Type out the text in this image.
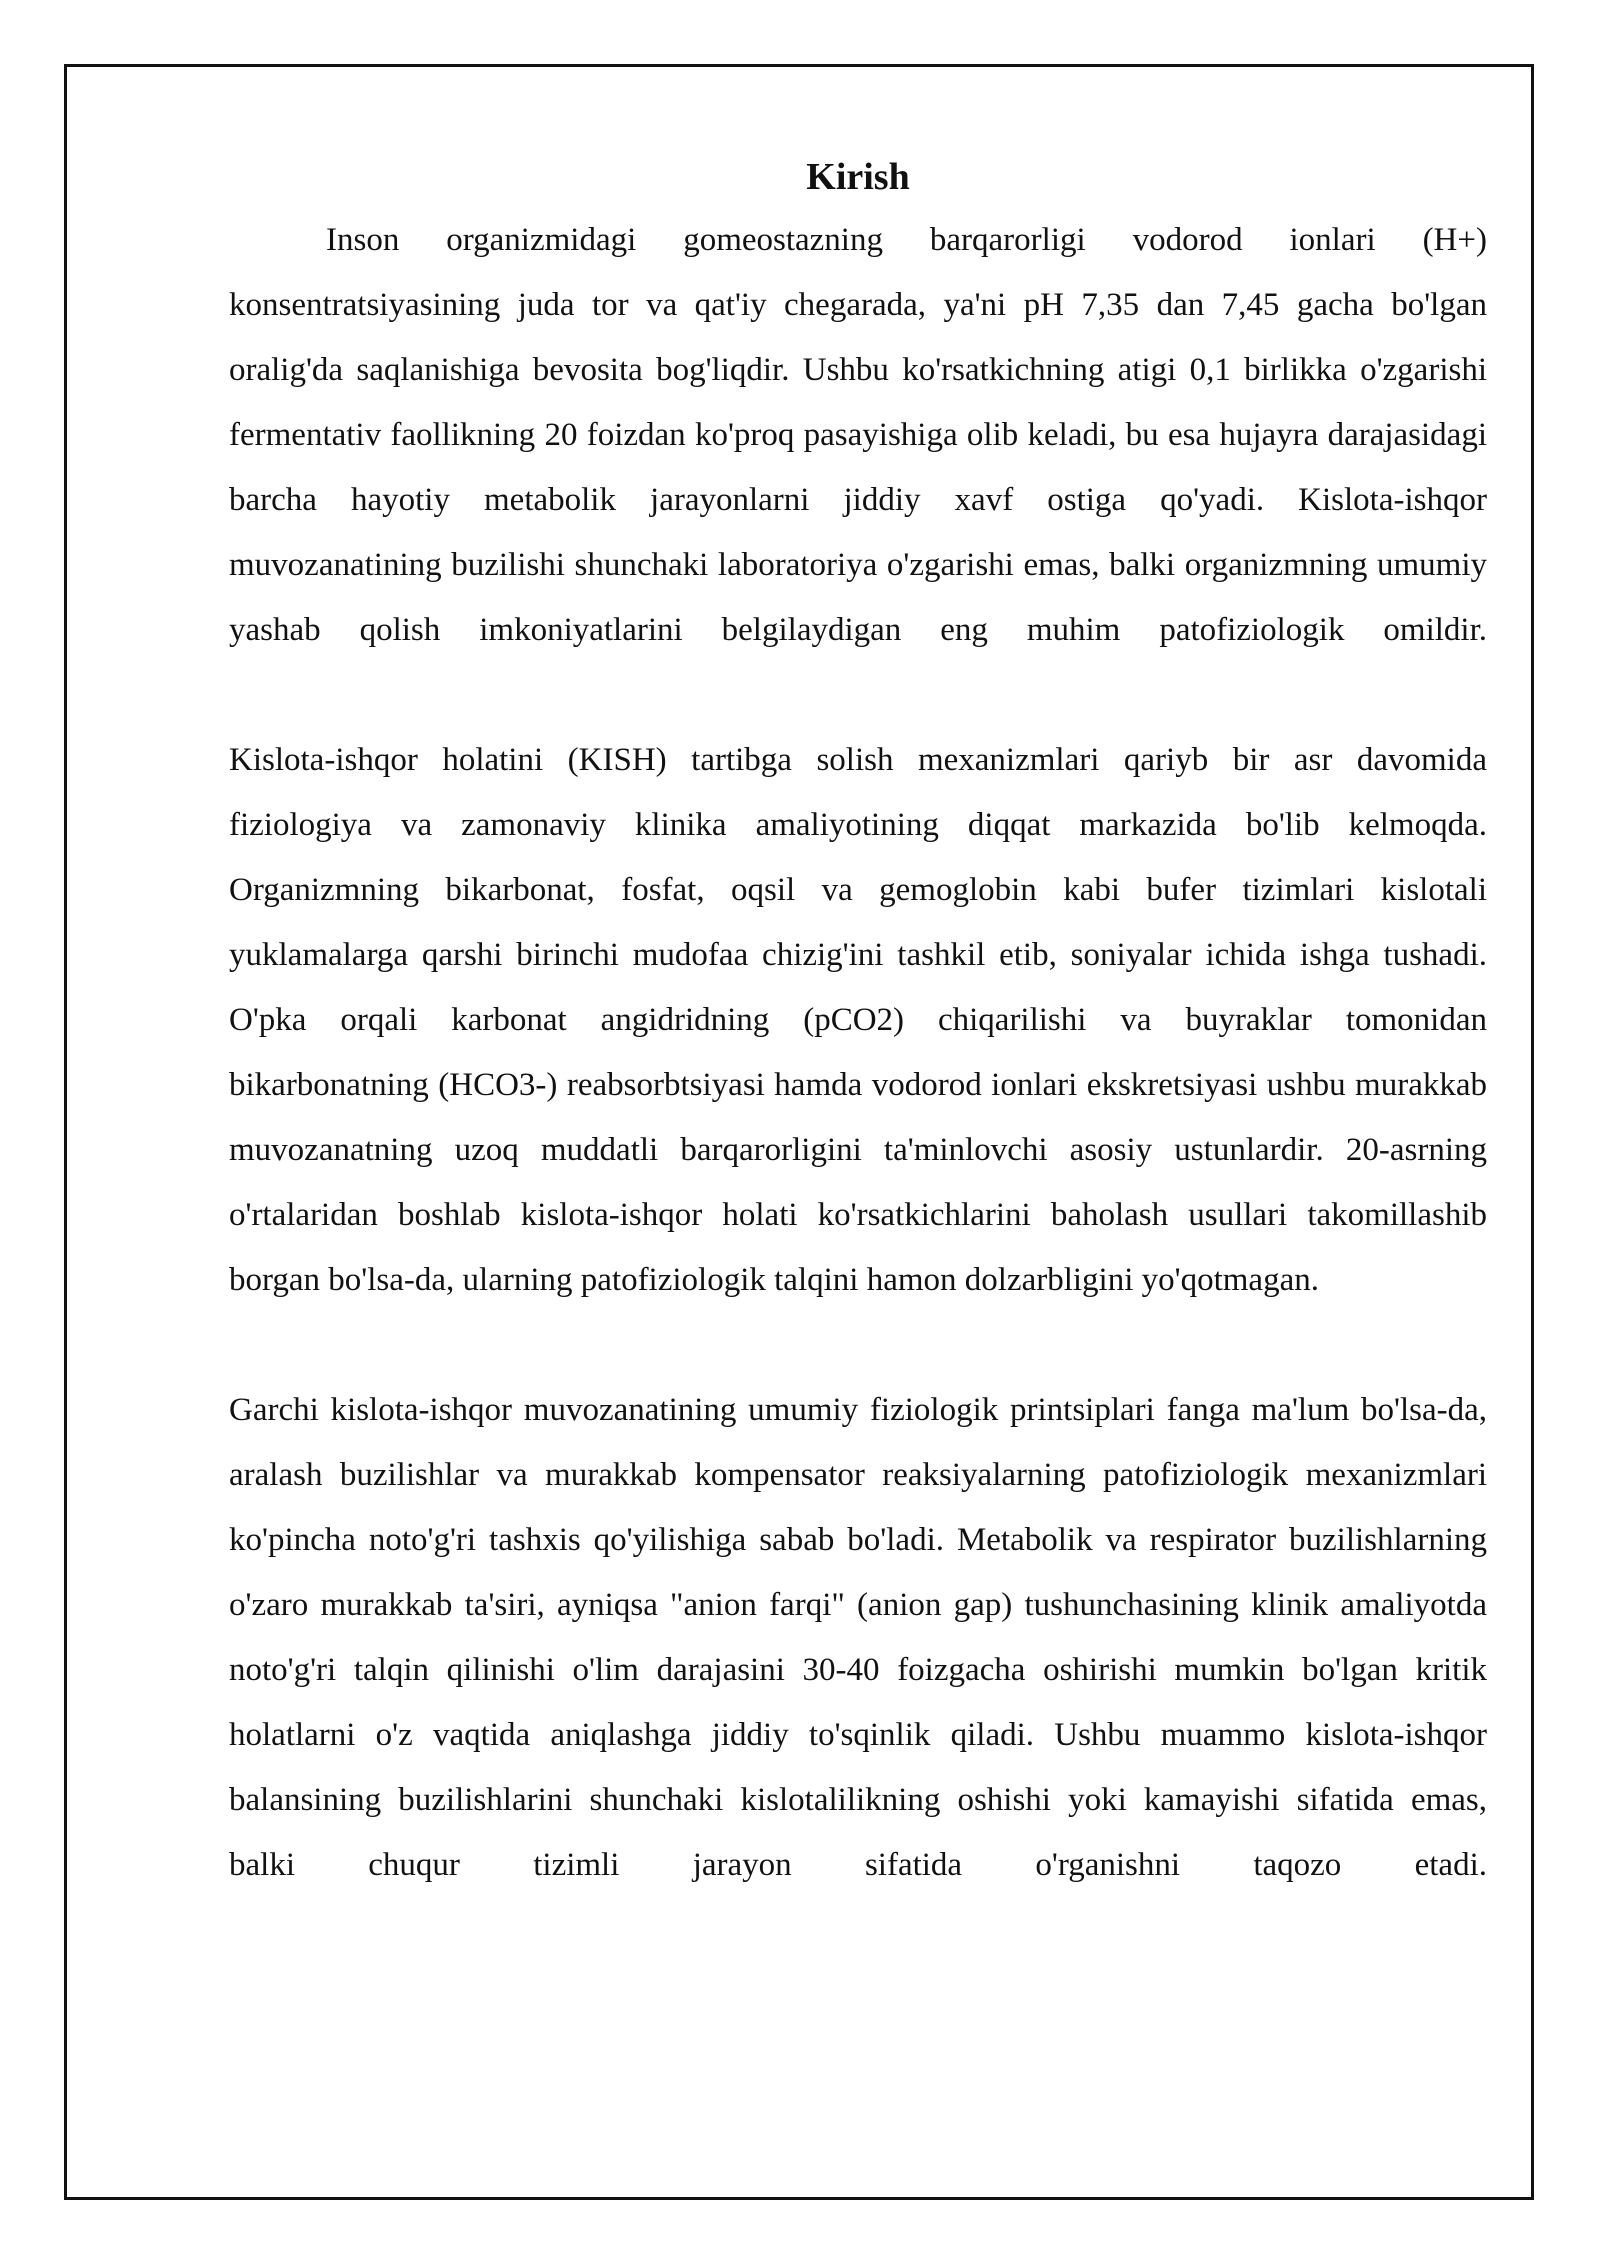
Kirish

Inson organizmidagi gomeostazning barqarorligi vodorod ionlari (H+) konsentratsiyasining juda tor va qat'iy chegarada, ya'ni pH 7,35 dan 7,45 gacha bo'lgan oralig'da saqlanishiga bevosita bog'liqdir. Ushbu ko'rsatkichning atigi 0,1 birlikka o'zgarishi fermentativ faollikning 20 foizdan ko'proq pasayishiga olib keladi, bu esa hujayra darajasidagi barcha hayotiy metabolik jarayonlarni jiddiy xavf ostiga qo'yadi. Kislota-ishqor muvozanatining buzilishi shunchaki laboratoriya o'zgarishi emas, balki organizmning umumiy yashab qolish imkoniyatlarini belgilaydigan eng muhim patofiziologik omildir.

Kislota-ishqor holatini (KISH) tartibga solish mexanizmlari qariyb bir asr davomida fiziologiya va zamonaviy klinika amaliyotining diqqat markazida bo'lib kelmoqda. Organizmning bikarbonat, fosfat, oqsil va gemoglobin kabi bufer tizimlari kislotali yuklamalarga qarshi birinchi mudofaa chizig'ini tashkil etib, soniyalar ichida ishga tushadi. O'pka orqali karbonat angidridning (pCO2) chiqarilishi va buyraklar tomonidan bikarbonatning (HCO3-) reabsorbtsiyasi hamda vodorod ionlari ekskretsiyasi ushbu murakkab muvozanatning uzoq muddatli barqarorligini ta'minlovchi asosiy ustunlardir. 20-asrning o'rtalaridan boshlab kislota-ishqor holati ko'rsatkichlarini baholash usullari takomillashib borgan bo'lsa-da, ularning patofiziologik talqini hamon dolzarbligini yo'qotmagan.

Garchi kislota-ishqor muvozanatining umumiy fiziologik printsiplari fanga ma'lum bo'lsa-da, aralash buzilishlar va murakkab kompensator reaksiyalarning patofiziologik mexanizmlari ko'pincha noto'g'ri tashxis qo'yilishiga sabab bo'ladi. Metabolik va respirator buzilishlarning o'zaro murakkab ta'siri, ayniqsa "anion farqi" (anion gap) tushunchasining klinik amaliyotda noto'g'ri talqin qilinishi o'lim darajasini 30-40 foizgacha oshirishi mumkin bo'lgan kritik holatlarni o'z vaqtida aniqlashga jiddiy to'sqinlik qiladi. Ushbu muammo kislota-ishqor balansining buzilishlarini shunchaki kislotalilikning oshishi yoki kamayishi sifatida emas, balki chuqur tizimli jarayon sifatida o'rganishni taqozo etadi.
